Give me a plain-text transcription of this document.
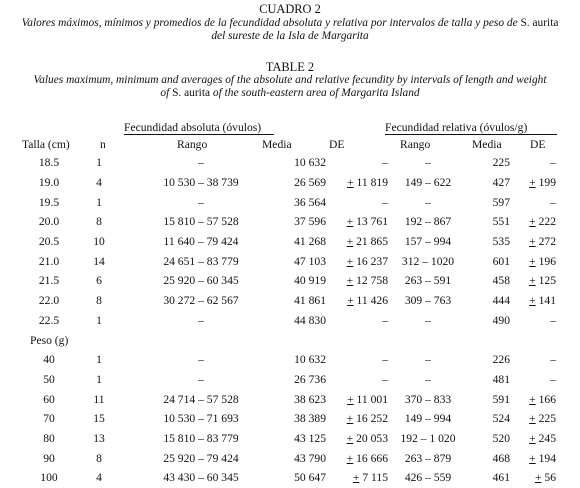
CUADRO 2
Valores máximos, mínimos y promedios de la fecundidad absoluta y relativa por intervalos de talla y peso de S. aurita
del sureste de la Isla de Margarita
TABLE 2
Values maximum, minimum and averages of the absolute and relative fecundity by intervals of length and weight
of S. aurita of the south-eastern area of Margarita Island
Fecundidad absoluta (óvulos)	Fecundidad relativa (óvulos/g)
Talla (cm)	n	Rango	Media	DE	Rango	Media DE
18.5	1	–	10 632	–	–	225	–
19.0	4	10 530 – 38 739	26 569	+ 11 819	149 – 622	427	+ 199
19.5	1	–	36 564	–	–	597	–
20.0	8	15 810 – 57 528	37 596	+ 13 761	192 – 867	551	+ 222
20.5	10	11 640 – 79 424	41 268	+ 21 865	157 – 994	535	+ 272
21.0	14	24 651 – 83 779	47 103	+ 16 237	312 – 1020	601	+ 196
21.5	6	25 920 – 60 345	40 919	+ 12 758	263 – 591	458	+ 125
22.0	8	30 272 – 62 567	41 861	+ 11 426	309 – 763	444	+ 141
22.5	1	–	44 830	–	–	490	–
Peso (g)							
40	1	–	10 632	–	–	226	–
50	1	–	26 736	–	–	481	–
60	11	24 714 – 57 528	38 623	+ 11 001	370 – 833	591	+ 166
70	15	10 530 – 71 693	38 389	+ 16 252	149 – 994	524	+ 225
80	13	15 810 – 83 779	43 125	+ 20 053	192 – 1 020	520	+ 245
90	8	25 920 – 79 424	43 790	+ 16 666	263 – 879	468	+ 194
100	4	43 430 – 60 345	50 647	+ 7 115	426 – 559	461	+ 56
